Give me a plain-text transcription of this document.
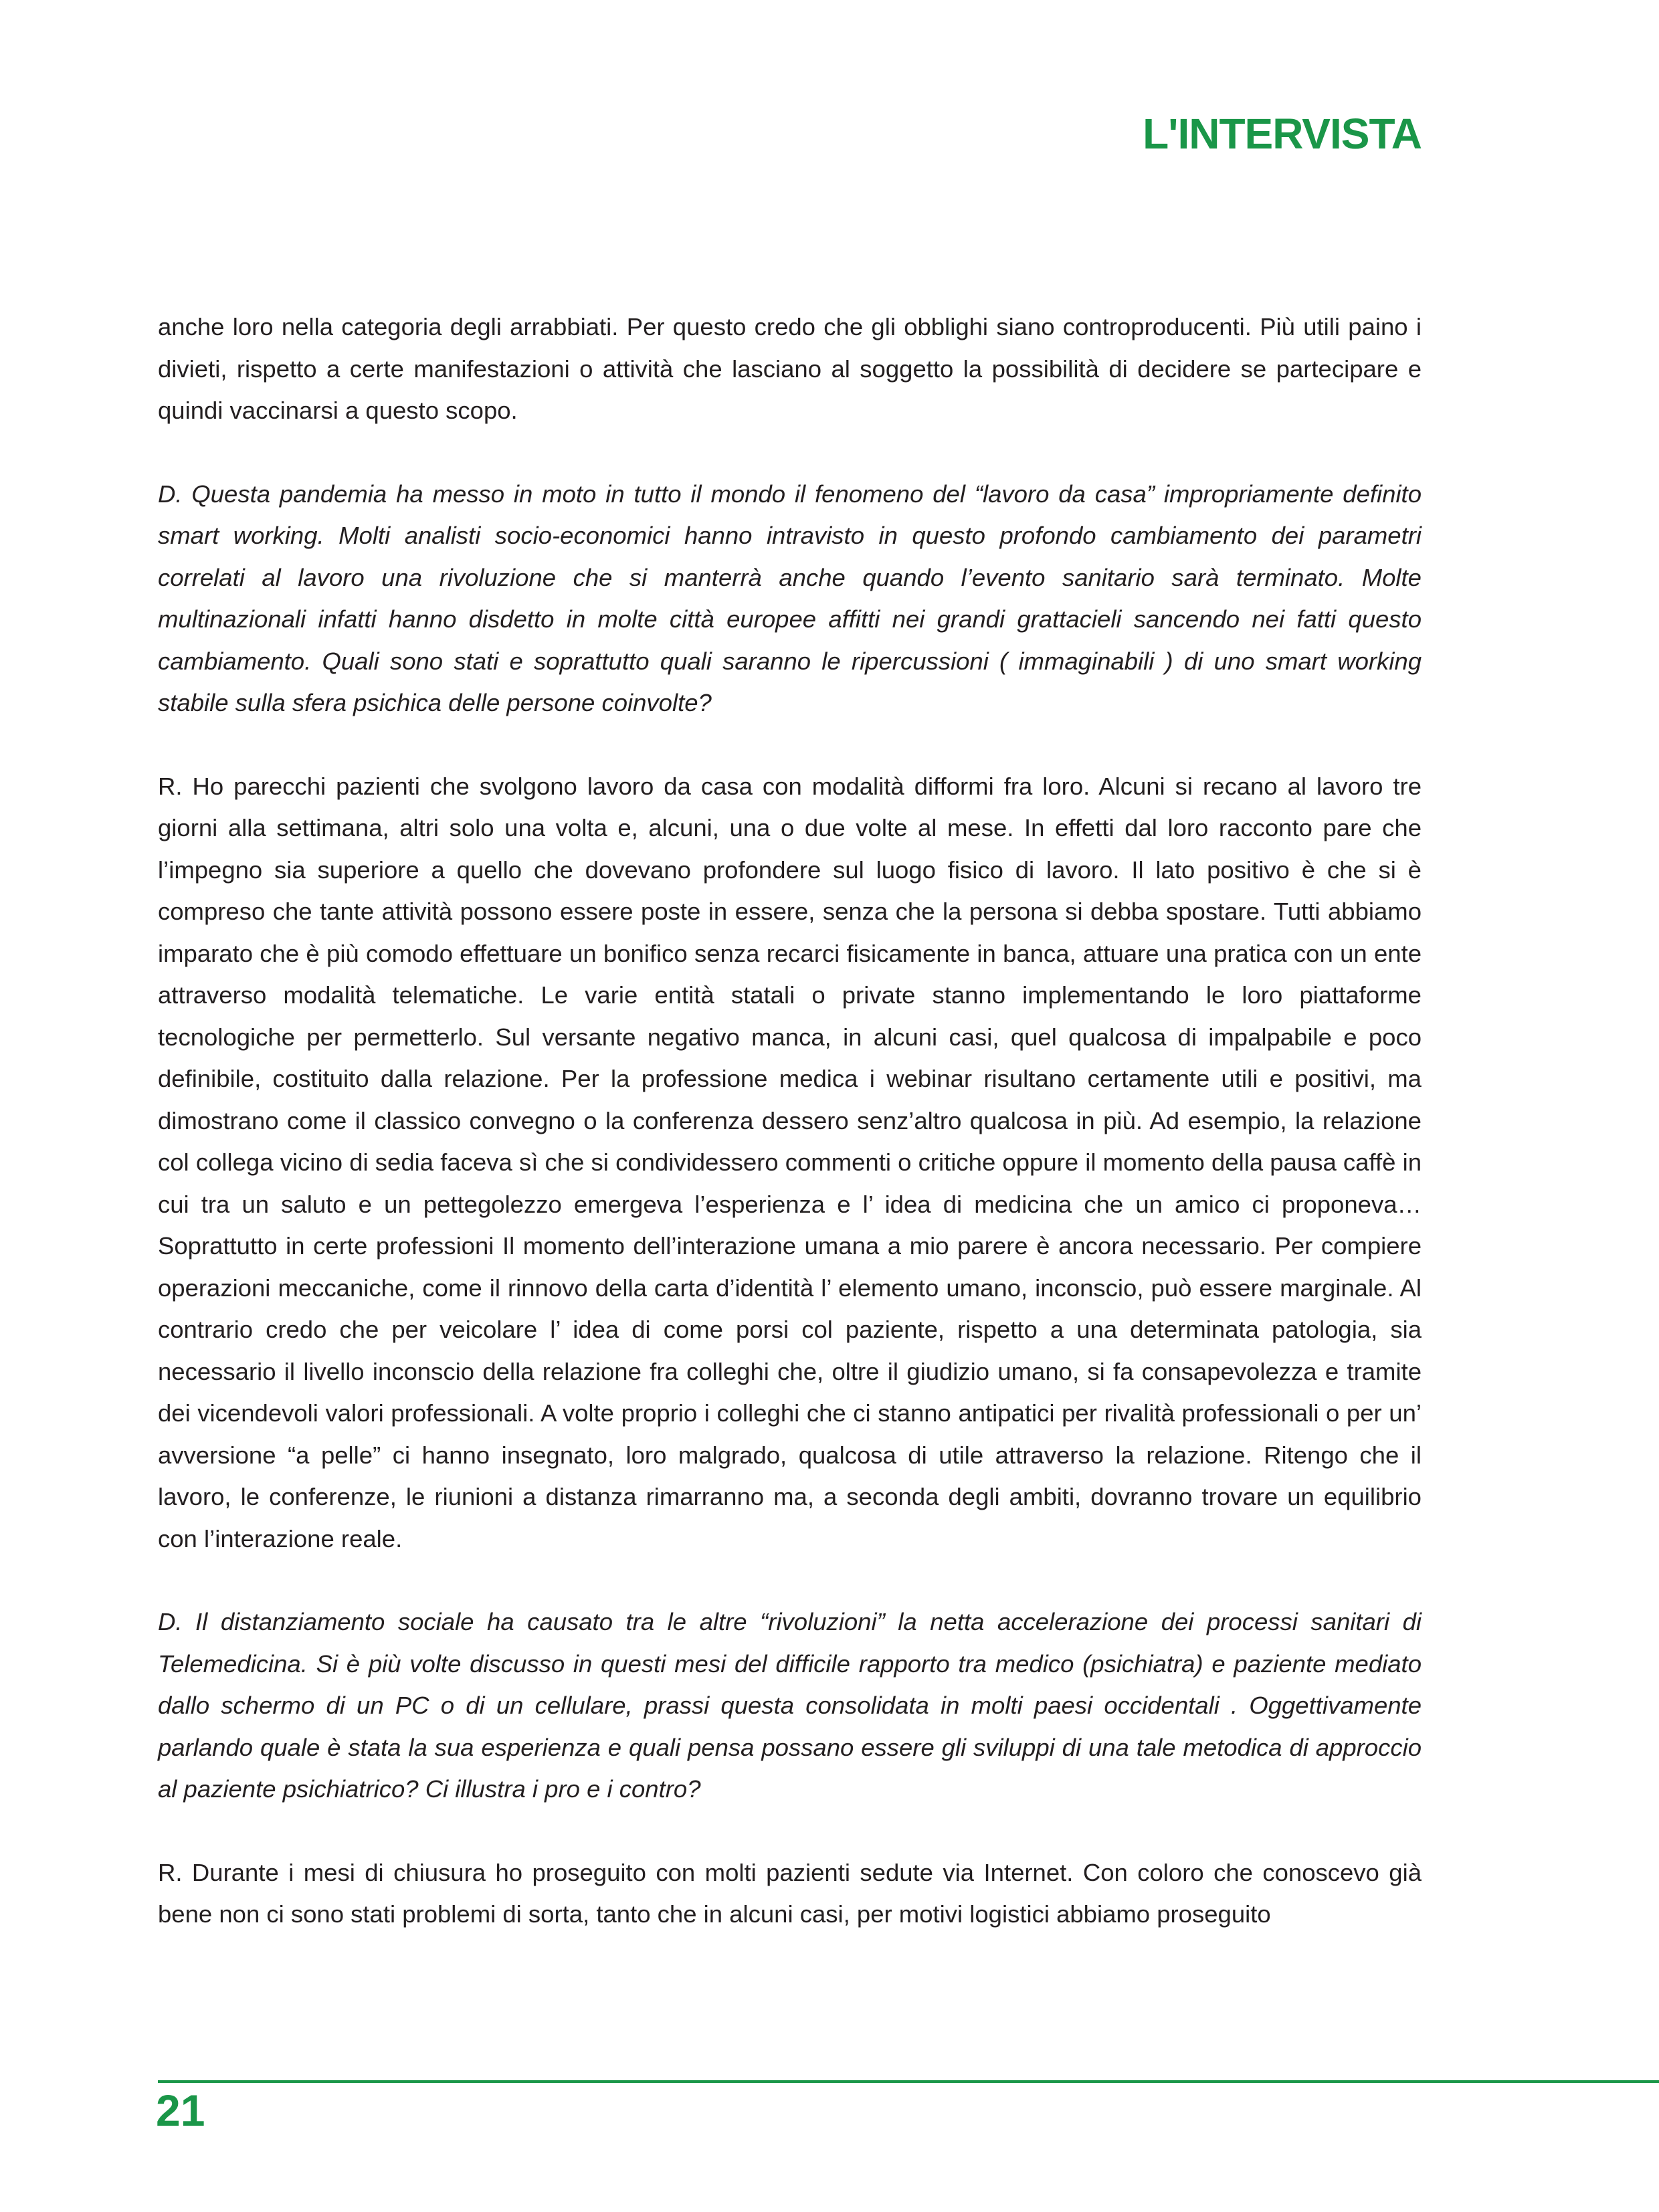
L'INTERVISTA

anche loro nella categoria degli arrabbiati. Per questo credo che gli obblighi siano controproducenti. Più utili paino i divieti, rispetto a certe manifestazioni o attività che lasciano al soggetto la possibilità di decidere se partecipare e quindi vaccinarsi a questo scopo.

D. Questa pandemia ha messo in moto in tutto il mondo il fenomeno del “lavoro da casa” impropriamente definito smart working. Molti analisti socio-economici hanno intravisto in questo profondo cambiamento dei parametri correlati al lavoro una rivoluzione che si manterrà anche quando l’evento sanitario sarà terminato. Molte multinazionali infatti hanno disdetto in molte città europee affitti nei grandi grattacieli sancendo nei fatti questo cambiamento. Quali sono stati e soprattutto quali saranno le ripercussioni ( immaginabili ) di uno smart working stabile sulla sfera psichica delle persone coinvolte?

R. Ho parecchi pazienti che svolgono lavoro da casa con modalità difformi fra loro. Alcuni si recano al lavoro tre giorni alla settimana, altri solo una volta e, alcuni, una o due volte al mese. In effetti dal loro racconto pare che l’impegno sia superiore a quello che dovevano profondere sul luogo fisico di lavoro. Il lato positivo è che si è compreso che tante attività possono essere poste in essere, senza che la persona si debba spostare. Tutti abbiamo imparato che è più comodo effettuare un bonifico senza recarci fisicamente in banca, attuare una pratica con un ente attraverso modalità telematiche. Le varie entità statali o private stanno implementando le loro piattaforme tecnologiche per permetterlo. Sul versante negativo manca, in alcuni casi, quel qualcosa di impalpabile e poco definibile, costituito dalla relazione. Per la professione medica i webinar risultano certamente utili e positivi, ma dimostrano come il classico convegno o la conferenza dessero senz’altro qualcosa in più. Ad esempio, la relazione col collega vicino di sedia faceva sì che si condividessero commenti o critiche oppure il momento della pausa caffè in cui tra un saluto e un pettegolezzo emergeva l’esperienza e l’ idea di medicina che un amico ci proponeva… Soprattutto in certe professioni Il momento dell’interazione umana a mio parere è ancora necessario. Per compiere operazioni meccaniche, come il rinnovo della carta d’identità l’ elemento umano, inconscio, può essere marginale. Al contrario credo che per veicolare l’ idea di come porsi col paziente, rispetto a una determinata patologia, sia necessario il livello inconscio della relazione fra colleghi che, oltre il giudizio umano, si fa consapevolezza e tramite dei vicendevoli valori professionali. A volte proprio i colleghi che ci stanno antipatici per rivalità professionali o per un’ avversione “a pelle” ci hanno insegnato, loro malgrado, qualcosa di utile attraverso la relazione. Ritengo che il lavoro, le conferenze, le riunioni a distanza rimarranno ma, a seconda degli ambiti, dovranno trovare un equilibrio con l’interazione reale.

D. Il distanziamento sociale ha causato tra le altre “rivoluzioni” la netta accelerazione dei processi sanitari di Telemedicina. Si è più volte discusso in questi mesi del difficile rapporto tra medico (psichiatra) e paziente mediato dallo schermo di un PC o di un cellulare, prassi questa consolidata in molti paesi occidentali . Oggettivamente parlando quale è stata la sua esperienza e quali pensa possano essere gli sviluppi di una tale metodica di approccio al paziente psichiatrico? Ci illustra i pro e i contro?

R. Durante i mesi di chiusura ho proseguito con molti pazienti sedute via Internet. Con coloro che conoscevo già bene non ci sono stati problemi di sorta, tanto che in alcuni casi, per motivi logistici abbiamo proseguito

21
